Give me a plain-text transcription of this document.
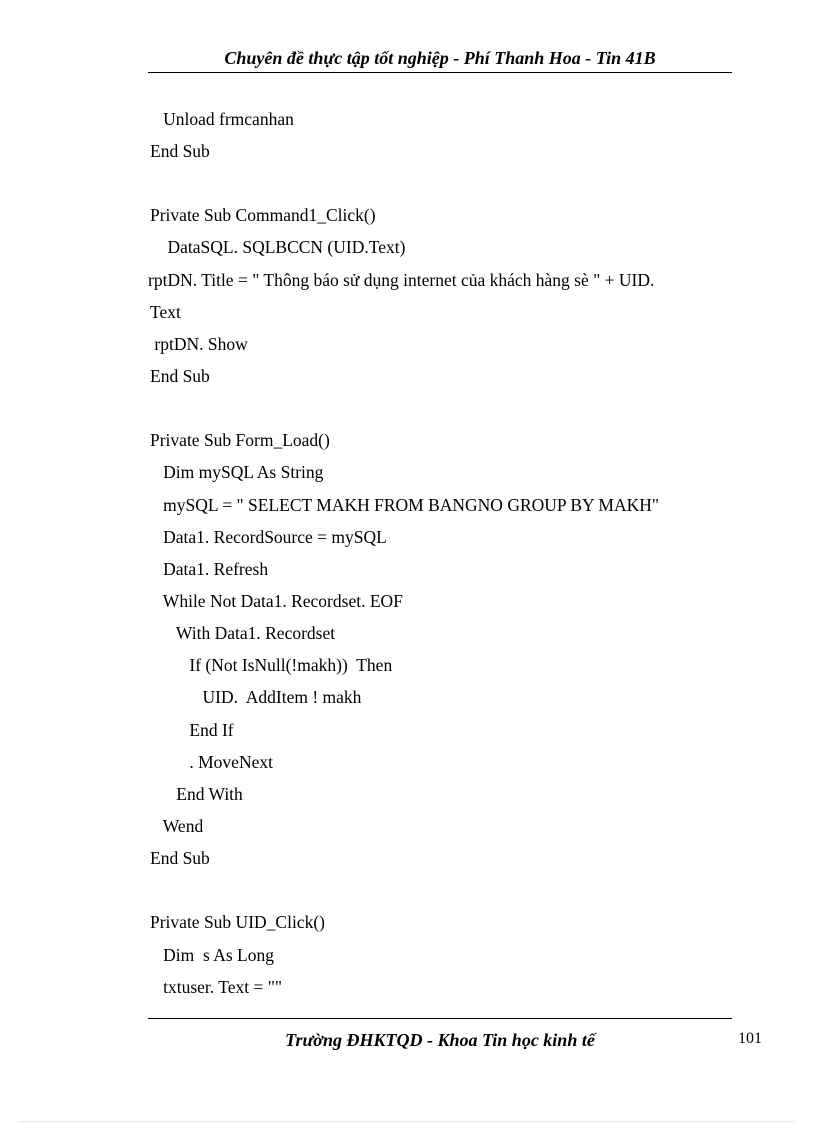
Chuyên đề thực tập tốt nghiệp - Phí Thanh Hoa - Tin 41B
Unload frmcanhan
End Sub
Private Sub Command1_Click()
DataSQL. SQLBCCN (UID.Text)
rptDN. Title = " Thông báo sử dụng internet của khách hàng sè " + UID.
Text
rptDN. Show
End Sub
Private Sub Form_Load()
Dim mySQL As String
mySQL = " SELECT MAKH FROM BANGNO GROUP BY MAKH"
Data1. RecordSource = mySQL
Data1. Refresh
While Not Data1. Recordset. EOF
With Data1. Recordset
If (Not IsNull(!makh))  Then
UID.  AddItem ! makh
End If
. MoveNext
End With
Wend
End Sub
Private Sub UID_Click()
Dim  s As Long
txtuser. Text = ""
Trường ĐHKTQD - Khoa Tin học kinh tế	101
